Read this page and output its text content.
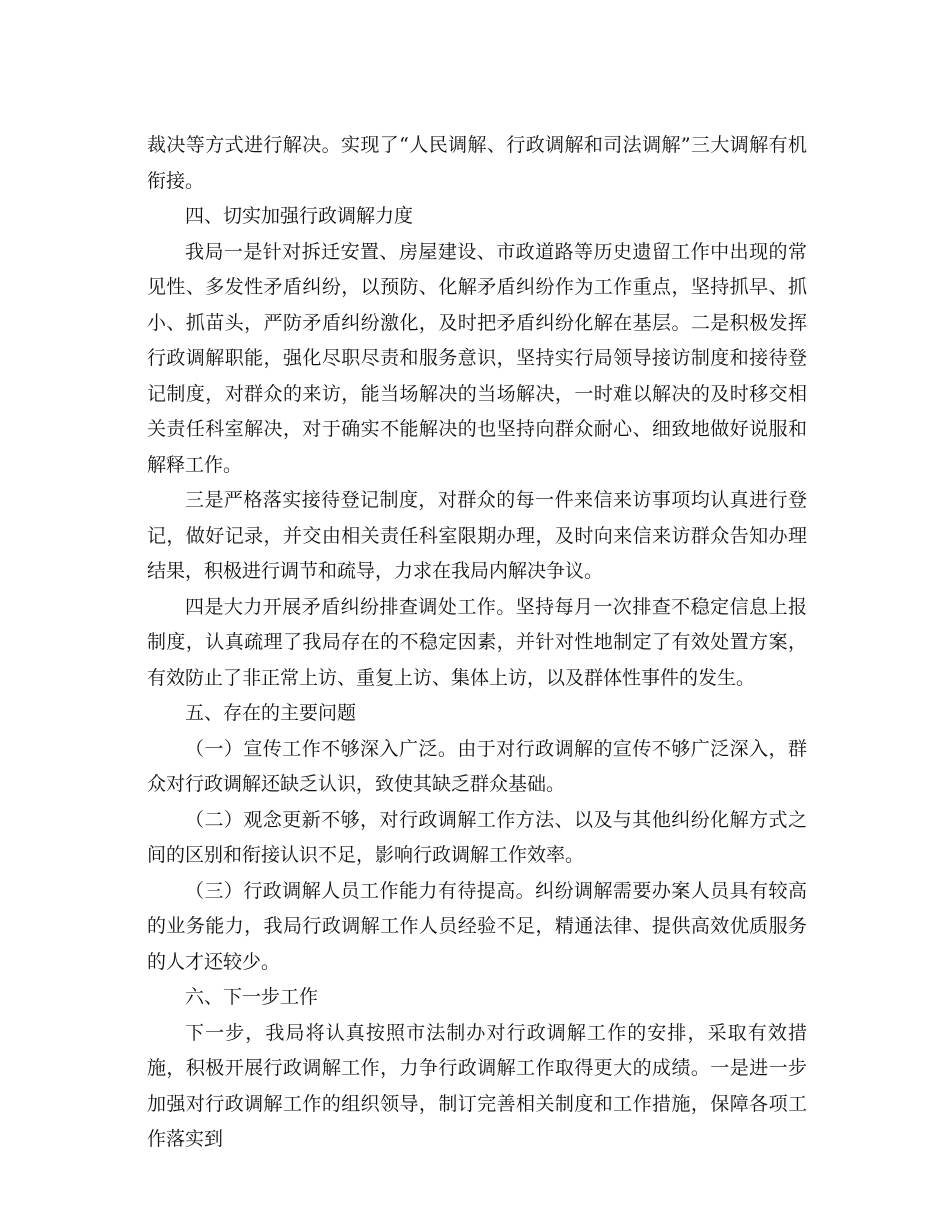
裁决等方式进行解决。实现了“人民调解、行政调解和司法调解”三大调解有机衔接。

四、切实加强行政调解力度

我局一是针对拆迁安置、房屋建设、市政道路等历史遗留工作中出现的常见性、多发性矛盾纠纷，以预防、化解矛盾纠纷作为工作重点，坚持抓早、抓小、抓苗头，严防矛盾纠纷激化，及时把矛盾纠纷化解在基层。二是积极发挥行政调解职能，强化尽职尽责和服务意识，坚持实行局领导接访制度和接待登记制度，对群众的来访，能当场解决的当场解决，一时难以解决的及时移交相关责任科室解决，对于确实不能解决的也坚持向群众耐心、细致地做好说服和解释工作。

三是严格落实接待登记制度，对群众的每一件来信来访事项均认真进行登记，做好记录，并交由相关责任科室限期办理，及时向来信来访群众告知办理结果，积极进行调节和疏导，力求在我局内解决争议。

四是大力开展矛盾纠纷排查调处工作。坚持每月一次排查不稳定信息上报制度，认真疏理了我局存在的不稳定因素，并针对性地制定了有效处置方案，有效防止了非正常上访、重复上访、集体上访，以及群体性事件的发生。

五、存在的主要问题

（一）宣传工作不够深入广泛。由于对行政调解的宣传不够广泛深入，群众对行政调解还缺乏认识，致使其缺乏群众基础。

（二）观念更新不够，对行政调解工作方法、以及与其他纠纷化解方式之间的区别和衔接认识不足，影响行政调解工作效率。

（三）行政调解人员工作能力有待提高。纠纷调解需要办案人员具有较高的业务能力，我局行政调解工作人员经验不足，精通法律、提供高效优质服务的人才还较少。

六、下一步工作

下一步，我局将认真按照市法制办对行政调解工作的安排，采取有效措施，积极开展行政调解工作，力争行政调解工作取得更大的成绩。一是进一步加强对行政调解工作的组织领导，制订完善相关制度和工作措施，保障各项工作落实到
